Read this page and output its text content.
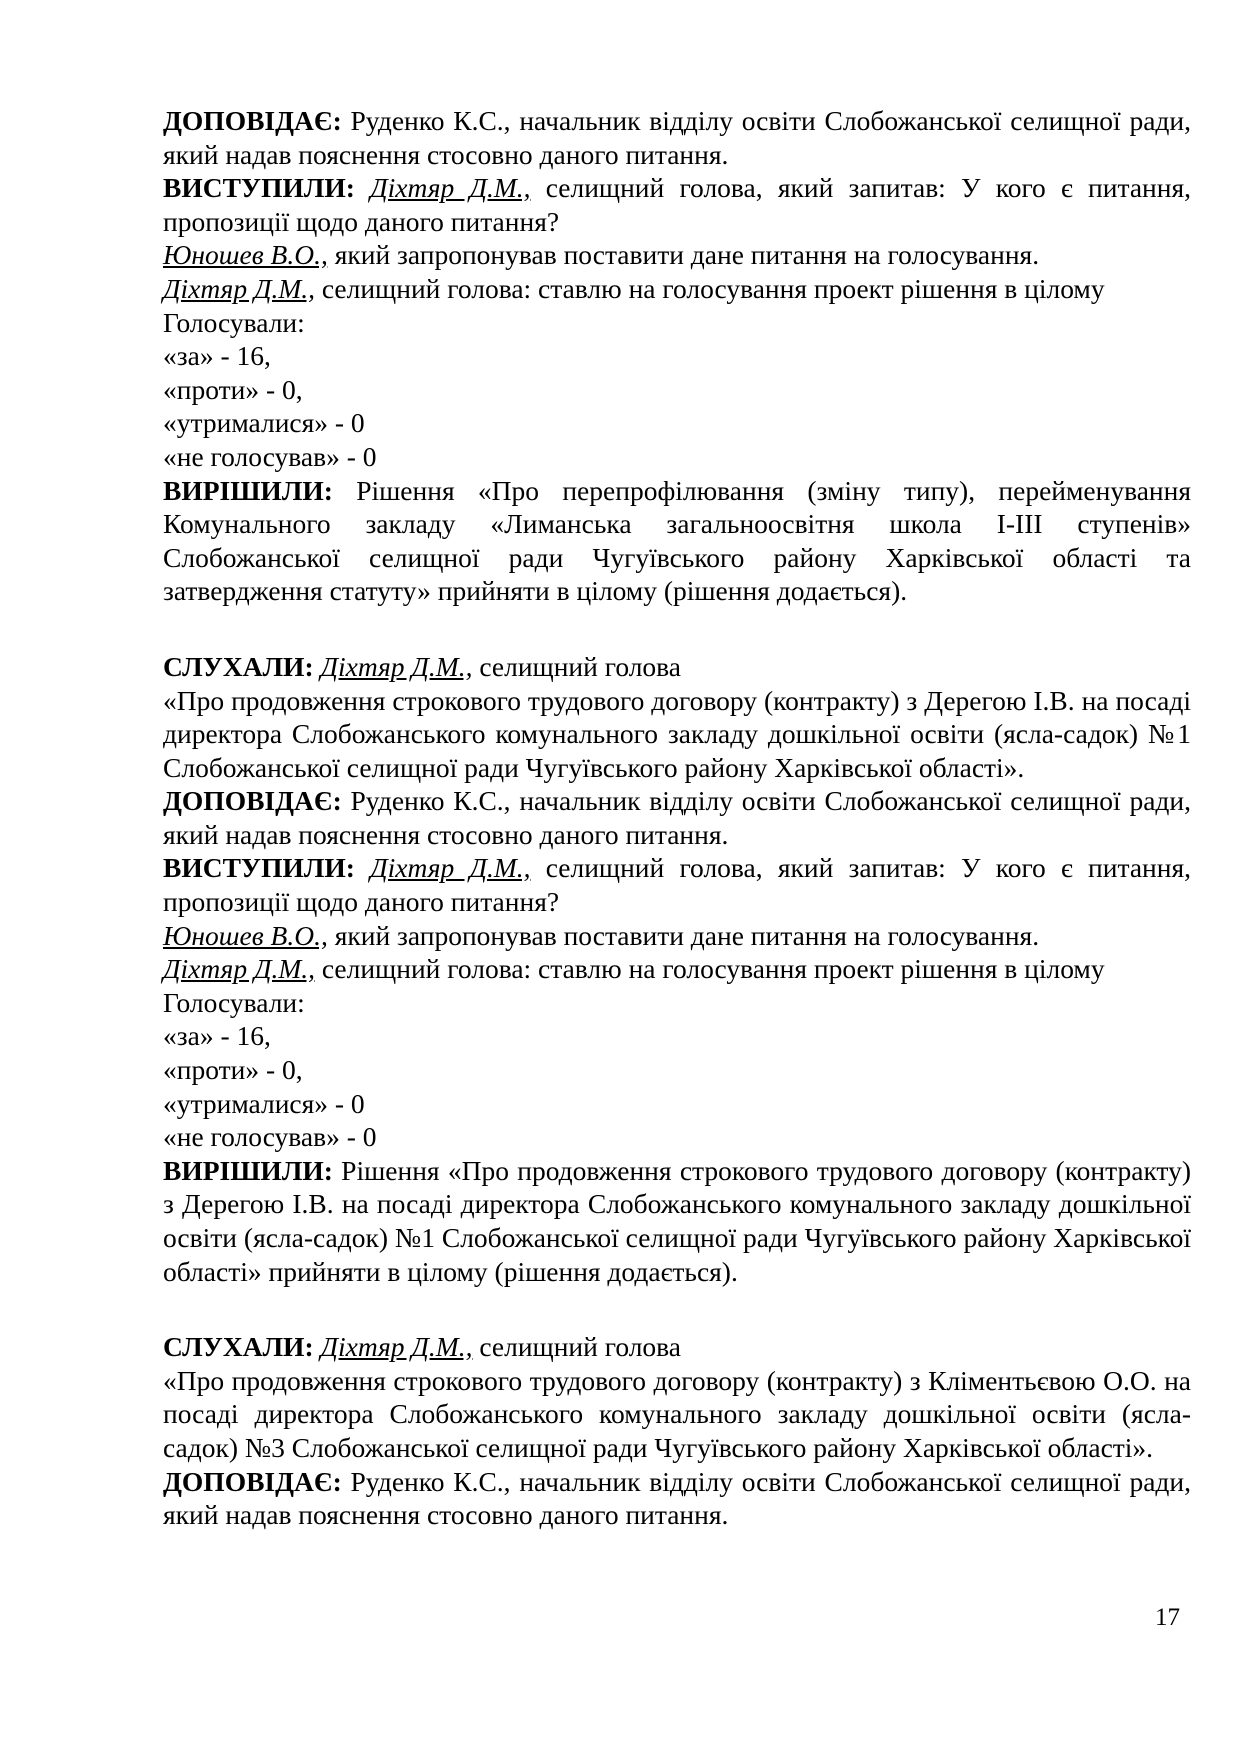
ДОПОВІДАЄ: Руденко К.С., начальник відділу освіти Слобожанської селищної ради, який надав пояснення стосовно даного питання.

ВИСТУПИЛИ: Діхтяр Д.М., селищний голова, який запитав: У кого є питання, пропозиції щодо даного питання?

Юношев В.О., який запропонував поставити дане питання на голосування.

Діхтяр Д.М., селищний голова: ставлю на голосування проект рішення в цілому

Голосували:

«за» - 16,

«проти» - 0,

«утрималися» - 0

«не голосував» - 0

ВИРІШИЛИ: Рішення «Про перепрофілювання (зміну типу), перейменування Комунального закладу «Лиманська загальноосвітня школа І-ІІІ ступенів» Слобожанської селищної ради Чугуївського району Харківської області та затвердження статуту» прийняти в цілому (рішення додається).

СЛУХАЛИ: Діхтяр Д.М., селищний голова

«Про продовження строкового трудового договору (контракту) з Дерегою І.В. на посаді директора Слобожанського комунального закладу дошкільної освіти (ясла-садок) №1 Слобожанської селищної ради Чугуївського району Харківської області».

ДОПОВІДАЄ: Руденко К.С., начальник відділу освіти Слобожанської селищної ради, який надав пояснення стосовно даного питання.

ВИСТУПИЛИ: Діхтяр Д.М., селищний голова, який запитав: У кого є питання, пропозиції щодо даного питання?

Юношев В.О., який запропонував поставити дане питання на голосування.

Діхтяр Д.М., селищний голова: ставлю на голосування проект рішення в цілому

Голосували:

«за» - 16,

«проти» - 0,

«утрималися» - 0

«не голосував» - 0

ВИРІШИЛИ: Рішення «Про продовження строкового трудового договору (контракту) з Дерегою І.В. на посаді директора Слобожанського комунального закладу дошкільної освіти (ясла-садок) №1 Слобожанської селищної ради Чугуївського району Харківської області» прийняти в цілому (рішення додається).

СЛУХАЛИ: Діхтяр Д.М., селищний голова

«Про продовження строкового трудового договору (контракту) з Кліментьєвою О.О. на посаді директора Слобожанського комунального закладу дошкільної освіти (ясла-садок) №3 Слобожанської селищної ради Чугуївського району Харківської області».

ДОПОВІДАЄ: Руденко К.С., начальник відділу освіти Слобожанської селищної ради, який надав пояснення стосовно даного питання.

17
